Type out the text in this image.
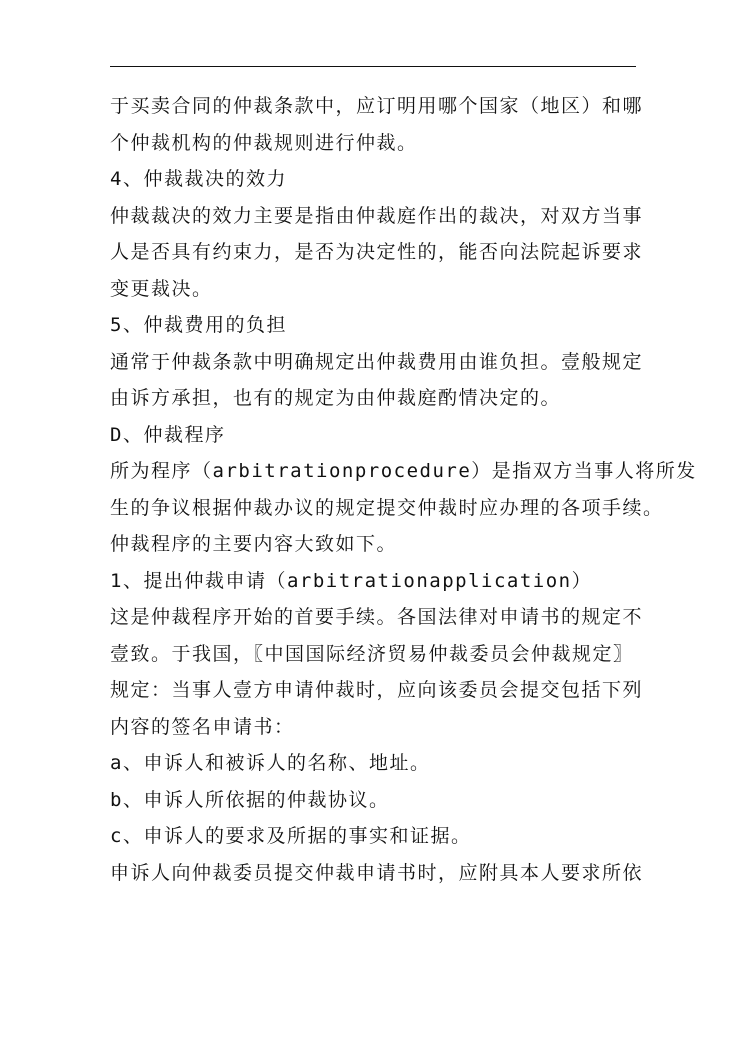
于买卖合同的仲裁条款中，应订明用哪个国家（地区）和哪
个仲裁机构的仲裁规则进行仲裁。
4、仲裁裁决的效力
仲裁裁决的效力主要是指由仲裁庭作出的裁决，对双方当事
人是否具有约束力，是否为决定性的，能否向法院起诉要求
变更裁决。
5、仲裁费用的负担
通常于仲裁条款中明确规定出仲裁费用由谁负担。壹般规定
由诉方承担，也有的规定为由仲裁庭酌情决定的。
D、仲裁程序
所为程序（arbitrationprocedure）是指双方当事人将所发
生的争议根据仲裁办议的规定提交仲裁时应办理的各项手续。
仲裁程序的主要内容大致如下。
1、提出仲裁申请（arbitrationapplication）
这是仲裁程序开始的首要手续。各国法律对申请书的规定不
壹致。于我国，〖中国国际经济贸易仲裁委员会仲裁规定〗
规定：当事人壹方申请仲裁时，应向该委员会提交包括下列
内容的签名申请书：
a、申诉人和被诉人的名称、地址。
b、申诉人所依据的仲裁协议。
c、申诉人的要求及所据的事实和证据。
申诉人向仲裁委员提交仲裁申请书时，应附具本人要求所依
